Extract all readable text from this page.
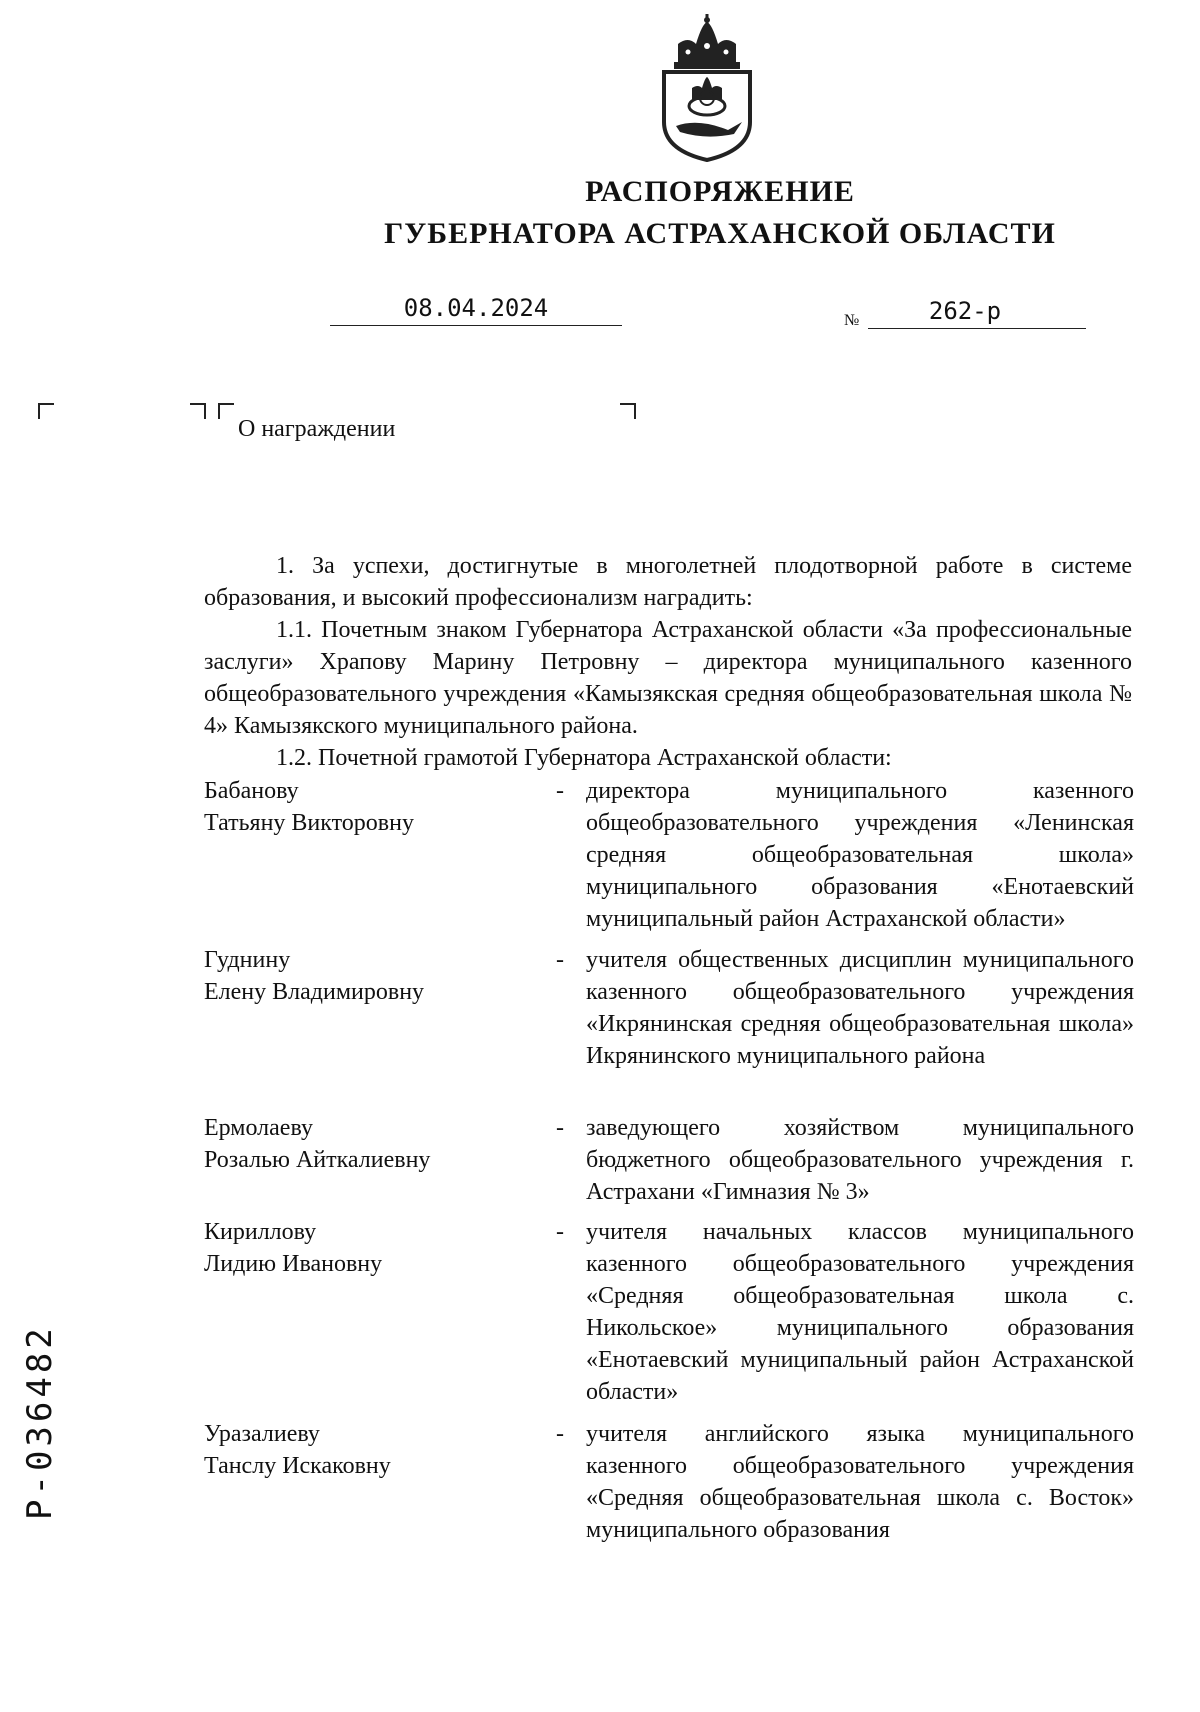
РАСПОРЯЖЕНИЕ
ГУБЕРНАТОРА АСТРАХАНСКОЙ ОБЛАСТИ
08.04.2024	№	262-р
О награждении
1. За успехи, достигнутые в многолетней плодотворной работе в системе образования, и высокий профессионализм наградить:
1.1. Почетным знаком Губернатора Астраханской области «За профессиональные заслуги» Храпову Марину Петровну – директора муниципального казенного общеобразовательного учреждения «Камызякская средняя общеобразовательная школа № 4» Камызякского муниципального района.
1.2. Почетной грамотой Губернатора Астраханской области:
Бабанову
Татьяну Викторовну
- директора муниципального казенного общеобразовательного учреждения «Ленинская средняя общеобразовательная школа» муниципального образования «Енотаевский муниципальный район Астраханской области»
Гуднину
Елену Владимировну
- учителя общественных дисциплин муниципального казенного общеобразовательного учреждения «Икрянинская средняя общеобразовательная школа» Икрянинского муниципального района
Ермолаеву
Розалью Айткалиевну
- заведующего хозяйством муниципального бюджетного общеобразовательного учреждения г. Астрахани «Гимназия № 3»
Кириллову
Лидию Ивановну
- учителя начальных классов муниципального казенного общеобразовательного учреждения «Средняя общеобразовательная школа с. Никольское» муниципального образования «Енотаевский муниципальный район Астраханской области»
Уразалиеву
Танслу Искаковну
- учителя английского языка муниципального казенного общеобразовательного учреждения «Средняя общеобразовательная школа с. Восток» муниципального образования
Р-036482
